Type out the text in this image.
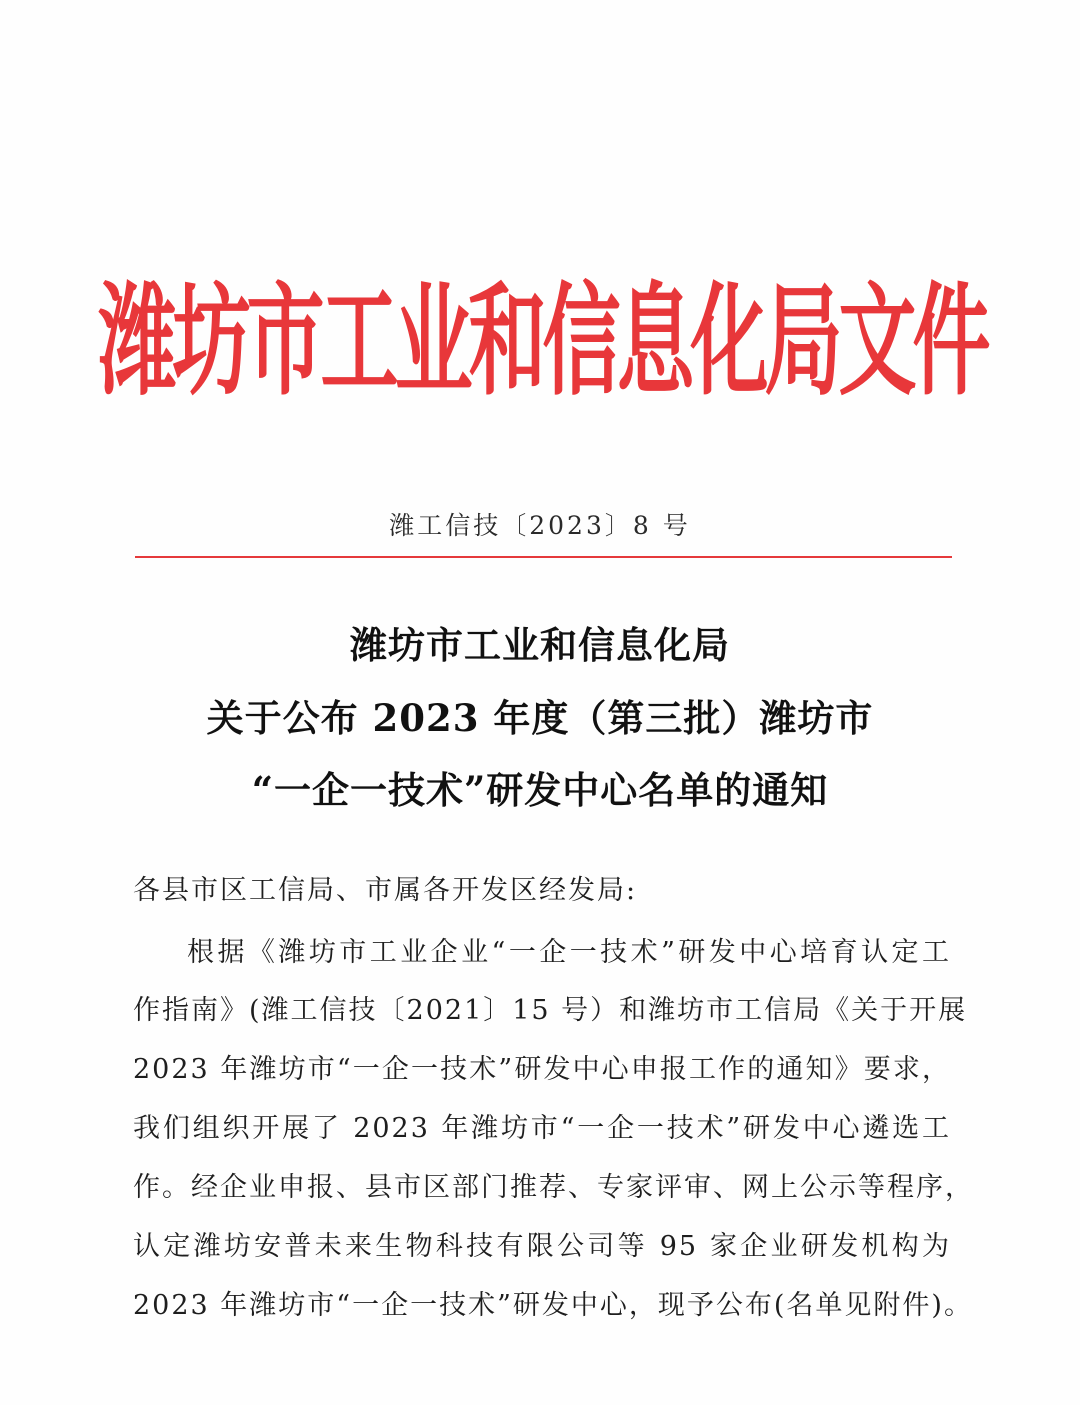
潍坊市工业和信息化局文件
潍工信技〔2023〕8 号
潍坊市工业和信息化局
关于公布 2023 年度（第三批）潍坊市
“一企一技术”研发中心名单的通知
各县市区工信局、市属各开发区经发局:
根据《潍坊市工业企业“一企一技术”研发中心培育认定工
作指南》(潍工信技〔2021〕15 号）和潍坊市工信局《关于开展
2023 年潍坊市“一企一技术”研发中心申报工作的通知》要求，
我们组织开展了 2023 年潍坊市“一企一技术”研发中心遴选工
作。经企业申报、县市区部门推荐、专家评审、网上公示等程序，
认定潍坊安普未来生物科技有限公司等 95 家企业研发机构为
2023 年潍坊市“一企一技术”研发中心，现予公布(名单见附件)。
